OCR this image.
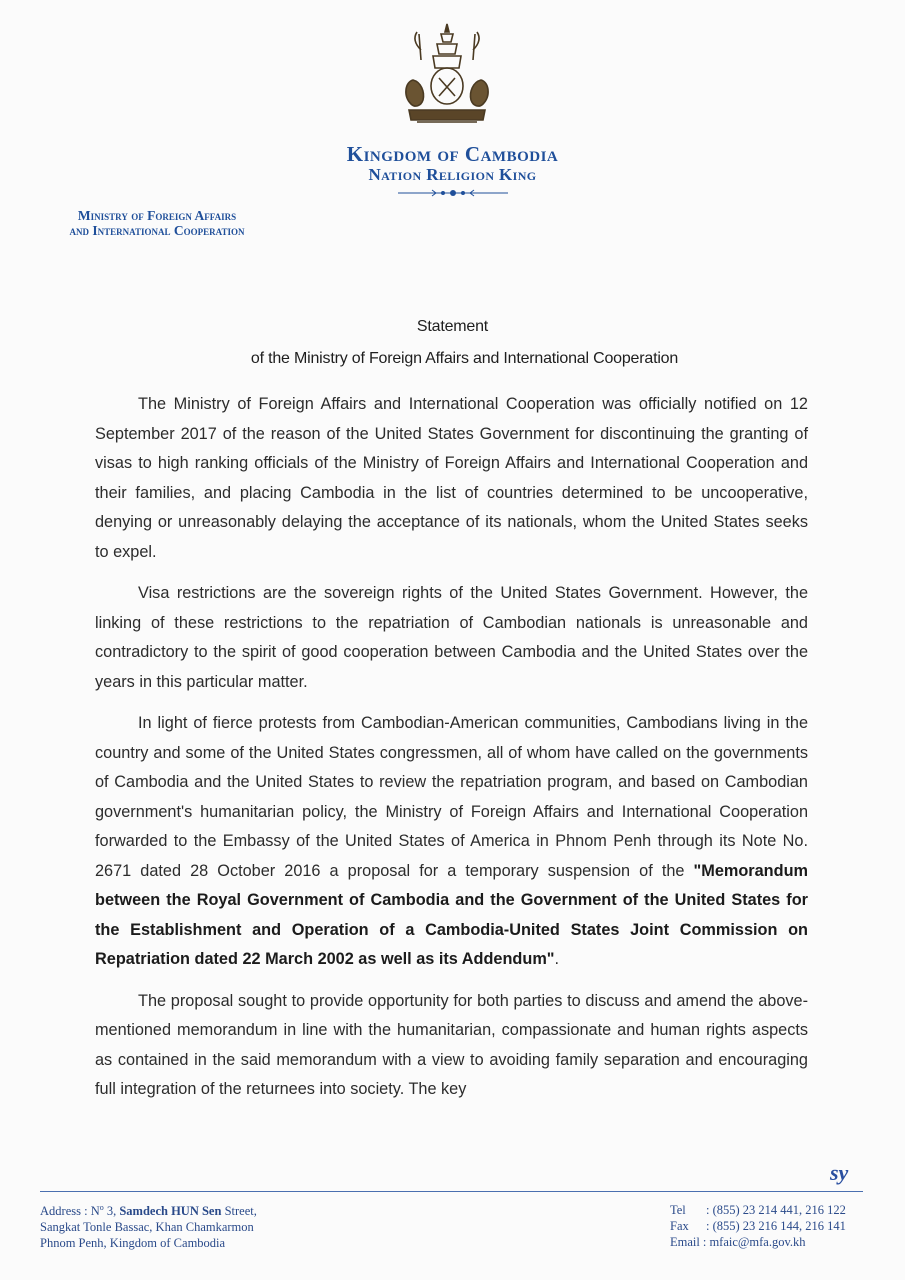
Kingdom of Cambodia
Nation Religion King
Ministry of Foreign Affairs
and International Cooperation
Statement
of the Ministry of Foreign Affairs and International Cooperation

The Ministry of Foreign Affairs and International Cooperation was officially notified on 12 September 2017 of the reason of the United States Government for discontinuing the granting of visas to high ranking officials of the Ministry of Foreign Affairs and International Cooperation and their families, and placing Cambodia in the list of countries determined to be uncooperative, denying or unreasonably delaying the acceptance of its nationals, whom the United States seeks to expel.

Visa restrictions are the sovereign rights of the United States Government. However, the linking of these restrictions to the repatriation of Cambodian nationals is unreasonable and contradictory to the spirit of good cooperation between Cambodia and the United States over the years in this particular matter.

In light of fierce protests from Cambodian-American communities, Cambodians living in the country and some of the United States congressmen, all of whom have called on the governments of Cambodia and the United States to review the repatriation program, and based on Cambodian government's humanitarian policy, the Ministry of Foreign Affairs and International Cooperation forwarded to the Embassy of the United States of America in Phnom Penh through its Note No. 2671 dated 28 October 2016 a proposal for a temporary suspension of the "Memorandum between the Royal Government of Cambodia and the Government of the United States for the Establishment and Operation of a Cambodia-United States Joint Commission on Repatriation dated 22 March 2002 as well as its Addendum".

The proposal sought to provide opportunity for both parties to discuss and amend the above-mentioned memorandum in line with the humanitarian, compassionate and human rights aspects as contained in the said memorandum with a view to avoiding family separation and encouraging full integration of the returnees into society. The key

sy
Address : $N^o$ 3, Samdech HUN Sen Street,
Sangkat Tonle Bassac, Khan Chamkarmon
Phnom Penh, Kingdom of Cambodia
Tel	: (855) 23 214 441, 216 122
Fax	: (855) 23 216 144, 216 141
Email : mfaic@mfa.gov.kh
